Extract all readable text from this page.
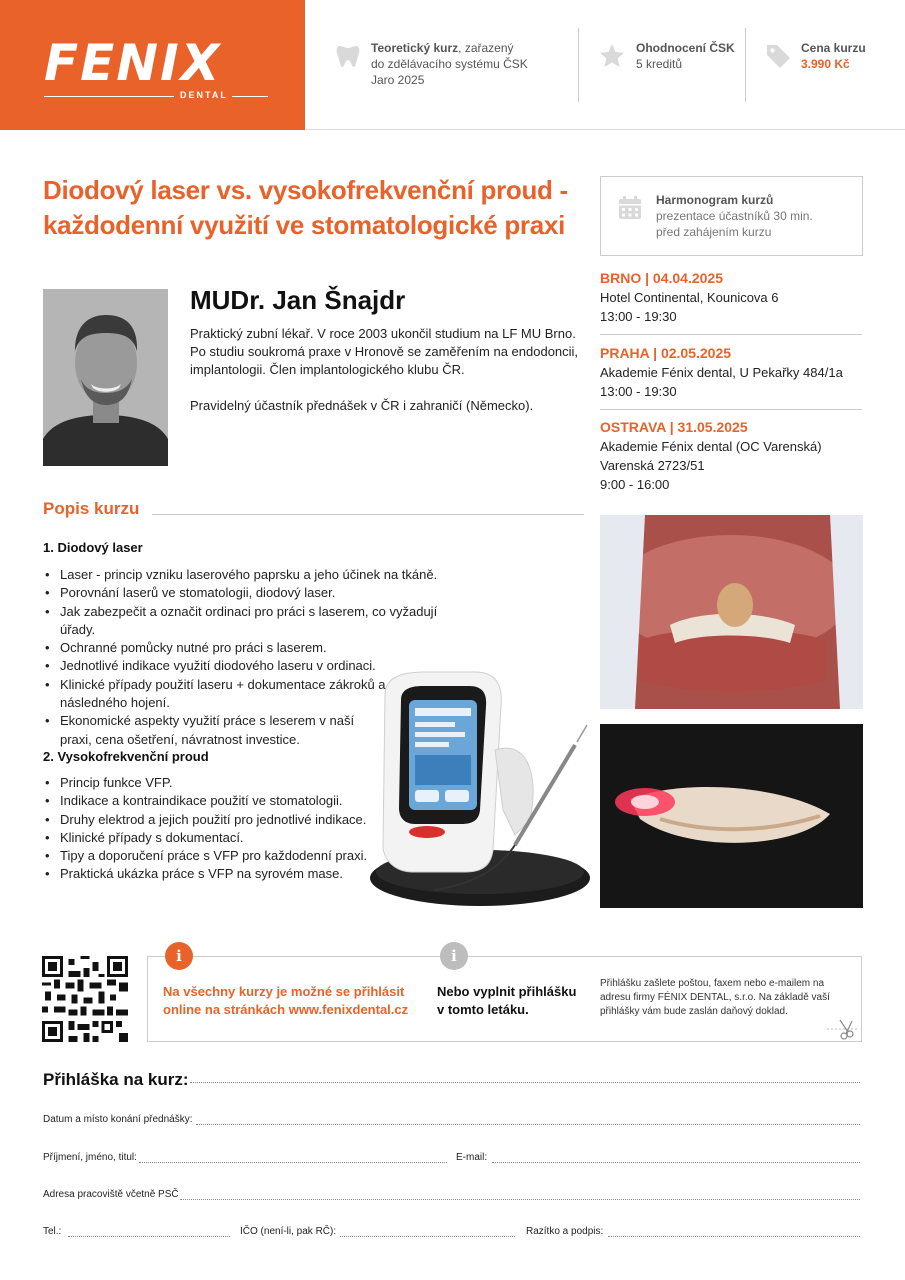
FENIX
DENTAL
Teoretický kurz, zařazený
do zdělávacího systému ČSK
Jaro 2025
Ohodnocení ČSK
5 kreditů
Cena kurzu
3.990 Kč
Diodový laser vs. vysokofrekvenční proud -
každodenní využití ve stomatologické praxi
Harmonogram kurzů
prezentace účastníků 30 min.
před zahájením kurzu
BRNO | 04.04.2025
Hotel Continental, Kounicova 6
13:00 - 19:30
PRAHA | 02.05.2025
Akademie Fénix dental, U Pekařky 484/1a
13:00 - 19:30
OSTRAVA | 31.05.2025
Akademie Fénix dental (OC Varenská)
Varenská 2723/51
9:00 - 16:00
MUDr. Jan Šnajdr

Praktický zubní lékař. V roce 2003 ukončil studium na LF MU Brno. Po studiu soukromá praxe v Hronově se zaměřením na endodoncii, implantologii. Člen implantologického klubu ČR.

Pravidelný účastník přednášek v ČR i zahraničí (Německo).

Popis kurzu
1. Diodový laser
• Laser - princip vzniku laserového paprsku a jeho účinek na tkáně.
• Porovnání laserů ve stomatologii, diodový laser.
• Jak zabezpečit a označit ordinaci pro práci s laserem, co vyžadují úřady.
• Ochranné pomůcky nutné pro práci s laserem.
• Jednotlivé indikace využití diodového laseru v ordinaci.
• Klinické případy použití laseru + dokumentace zákroků a následného hojení.
• Ekonomické aspekty využití práce s leserem v naší praxi, cena ošetření, návratnost investice.
2. Vysokofrekvenční proud
• Princip funkce VFP.
• Indikace a kontraindikace použití ve stomatologii.
• Druhy elektrod a jejich použití pro jednotlivé indikace.
• Klinické případy s dokumentací.
• Tipy a doporučení práce s VFP pro každodenní praxi.
• Praktická ukázka práce s VFP na syrovém mase.
i	i
Na všechny kurzy je možné se přihlásit online na stránkách www.fenixdental.cz
Nebo vyplnit přihlášku v tomto letáku.
Přihlášku zašlete poštou, faxem nebo e-mailem na adresu firmy FÉNIX DENTAL, s.r.o. Na základě vaší přihlášky vám bude zaslán daňový doklad.
Přihláška na kurz:
Datum a místo konání přednášky:
Příjmení, jméno, titul:	E-mail:
Adresa pracoviště včetně PSČ
Tel.:	IČO (není-li, pak RČ):	Razítko a podpis:
